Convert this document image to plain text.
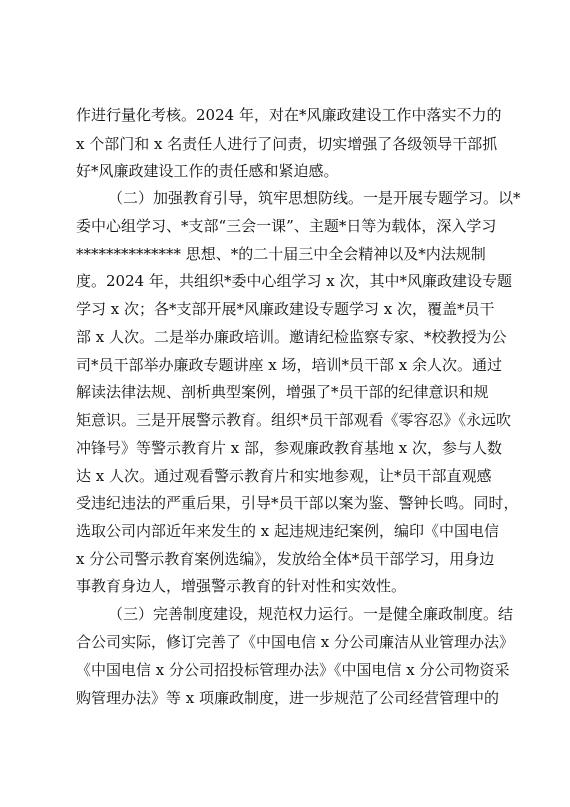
作进行量化考核。2024 年，对在*风廉政建设工作中落实不力的
x 个部门和 x 名责任人进行了问责，切实增强了各级领导干部抓
好*风廉政建设工作的责任感和紧迫感。
（二）加强教育引导，筑牢思想防线。一是开展专题学习。以*
委中心组学习、*支部“三会一课”、主题*日等为载体，深入学习
************** 思想、*的二十届三中全会精神以及*内法规制
度。2024 年，共组织*委中心组学习 x 次，其中*风廉政建设专题
学习 x 次；各*支部开展*风廉政建设专题学习 x 次，覆盖*员干
部 x 人次。二是举办廉政培训。邀请纪检监察专家、*校教授为公
司*员干部举办廉政专题讲座 x 场，培训*员干部 x 余人次。通过
解读法律法规、剖析典型案例，增强了*员干部的纪律意识和规
矩意识。三是开展警示教育。组织*员干部观看《零容忍》《永远吹
冲锋号》等警示教育片 x 部，参观廉政教育基地 x 次，参与人数
达 x 人次。通过观看警示教育片和实地参观，让*员干部直观感
受违纪违法的严重后果，引导*员干部以案为鉴、警钟长鸣。同时，
选取公司内部近年来发生的 x 起违规违纪案例，编印《中国电信
x 分公司警示教育案例选编》，发放给全体*员干部学习，用身边
事教育身边人，增强警示教育的针对性和实效性。
（三）完善制度建设，规范权力运行。一是健全廉政制度。结
合公司实际，修订完善了《中国电信 x 分公司廉洁从业管理办法》
《中国电信 x 分公司招投标管理办法》《中国电信 x 分公司物资采
购管理办法》等 x 项廉政制度，进一步规范了公司经营管理中的
